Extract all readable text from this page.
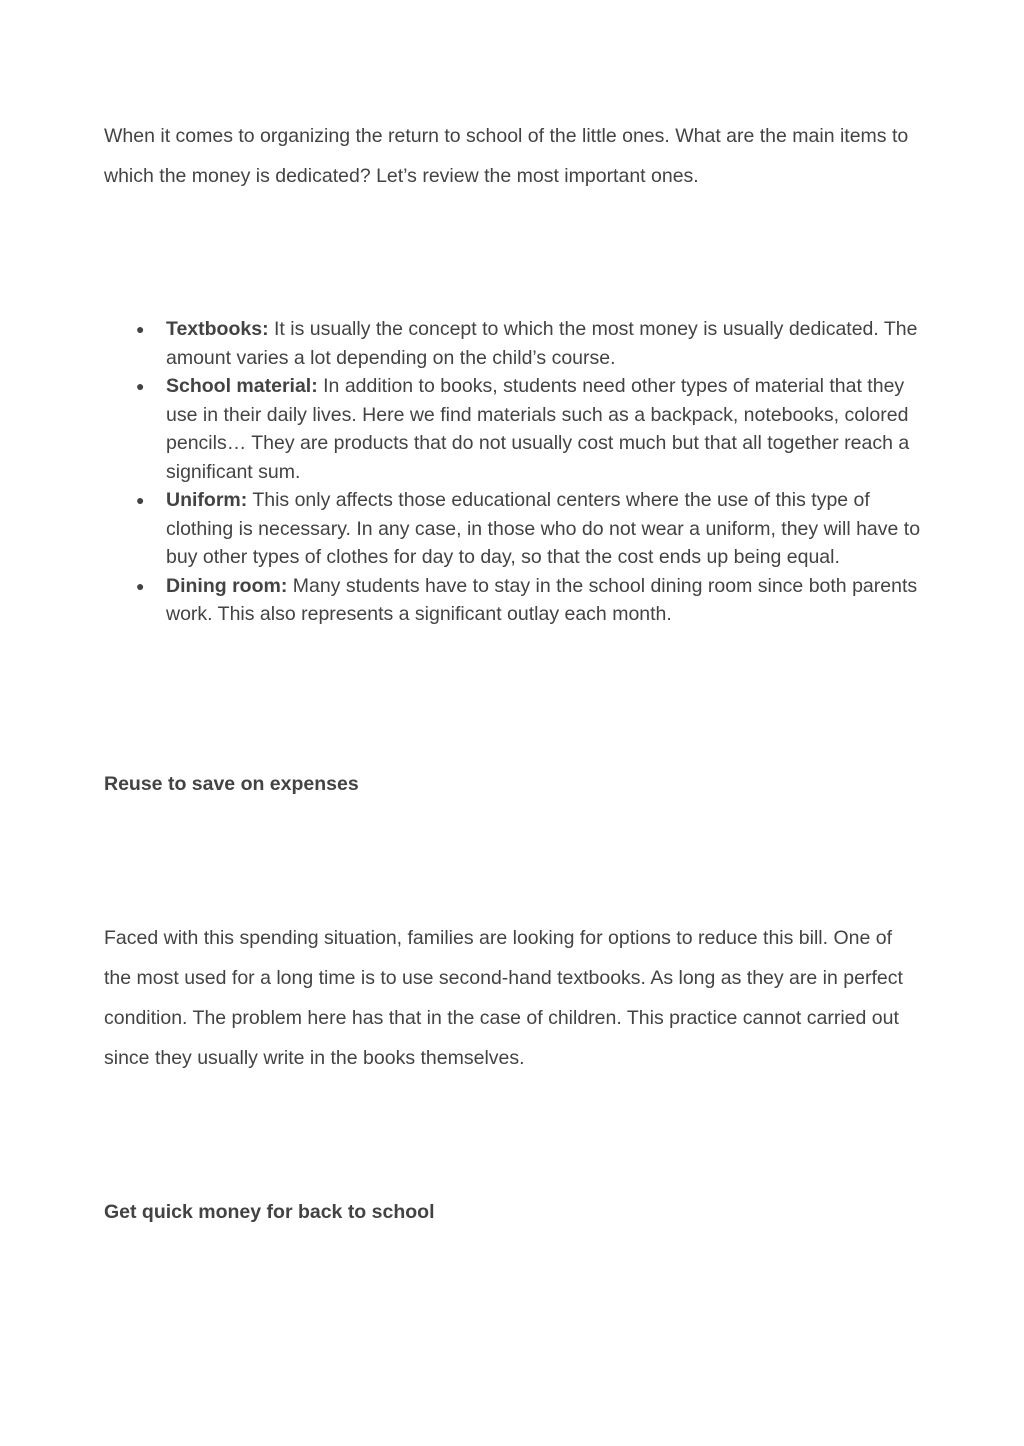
When it comes to organizing the return to school of the little ones. What are the main items to which the money is dedicated? Let’s review the most important ones.

● Textbooks: It is usually the concept to which the most money is usually dedicated. The amount varies a lot depending on the child’s course.
● School material: In addition to books, students need other types of material that they use in their daily lives. Here we find materials such as a backpack, notebooks, colored pencils… They are products that do not usually cost much but that all together reach a significant sum.
● Uniform: This only affects those educational centers where the use of this type of clothing is necessary. In any case, in those who do not wear a uniform, they will have to buy other types of clothes for day to day, so that the cost ends up being equal.
● Dining room: Many students have to stay in the school dining room since both parents work. This also represents a significant outlay each month.
Reuse to save on expenses

Faced with this spending situation, families are looking for options to reduce this bill. One of the most used for a long time is to use second-hand textbooks. As long as they are in perfect condition. The problem here has that in the case of children. This practice cannot carried out since they usually write in the books themselves.

Get quick money for back to school
